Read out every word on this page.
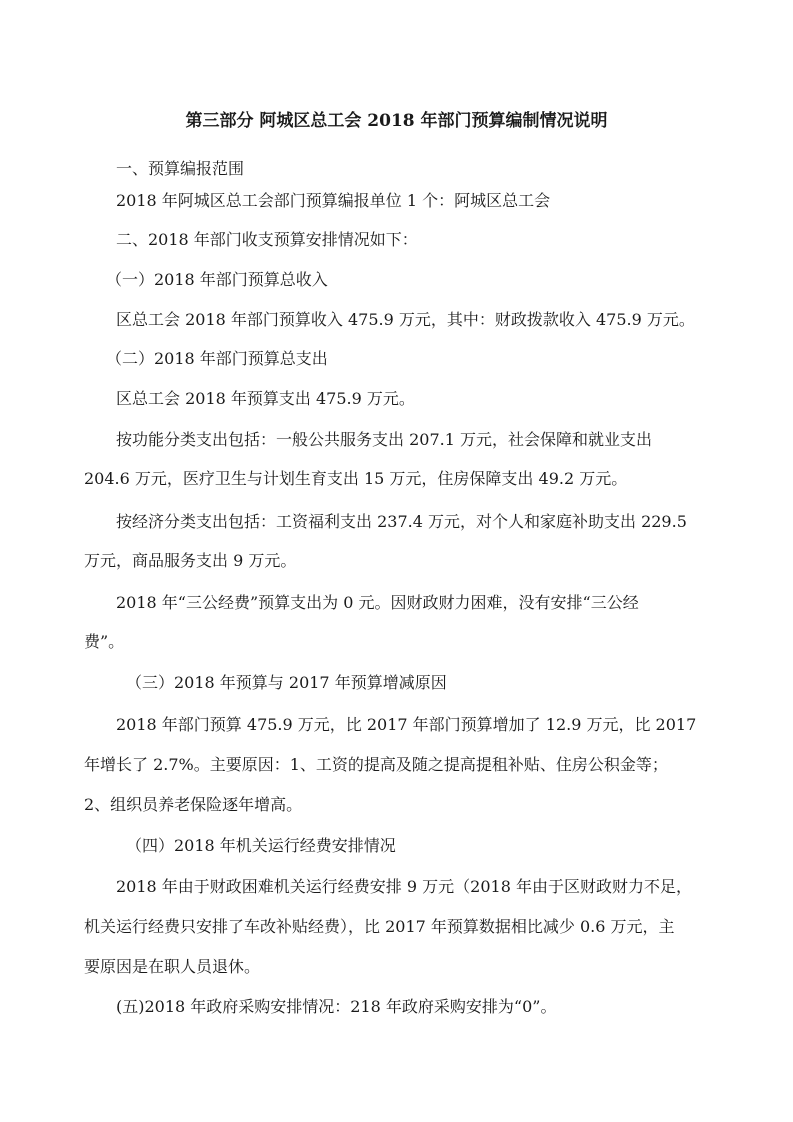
第三部分 阿城区总工会 2018 年部门预算编制情况说明
一、预算编报范围
2018 年阿城区总工会部门预算编报单位 1 个：阿城区总工会
二、2018 年部门收支预算安排情况如下：
（一）2018 年部门预算总收入
区总工会 2018 年部门预算收入 475.9 万元，其中：财政拨款收入 475.9 万元。
（二）2018 年部门预算总支出
区总工会 2018 年预算支出 475.9 万元。
按功能分类支出包括：一般公共服务支出 207.1 万元，社会保障和就业支出
204.6 万元，医疗卫生与计划生育支出 15 万元，住房保障支出 49.2 万元。
按经济分类支出包括：工资福利支出 237.4 万元，对个人和家庭补助支出 229.5
万元，商品服务支出 9 万元。
2018 年“三公经费”预算支出为 0 元。因财政财力困难，没有安排“三公经
费”。
（三）2018 年预算与 2017 年预算增减原因
2018 年部门预算 475.9 万元，比 2017 年部门预算增加了 12.9 万元，比 2017
年增长了 2.7%。主要原因：1、工资的提高及随之提高提租补贴、住房公积金等；
2、组织员养老保险逐年增高。
（四）2018 年机关运行经费安排情况
2018 年由于财政困难机关运行经费安排 9 万元（2018 年由于区财政财力不足，
机关运行经费只安排了车改补贴经费），比 2017 年预算数据相比减少 0.6 万元，主
要原因是在职人员退休。
(五)2018 年政府采购安排情况：218 年政府采购安排为“0”。
